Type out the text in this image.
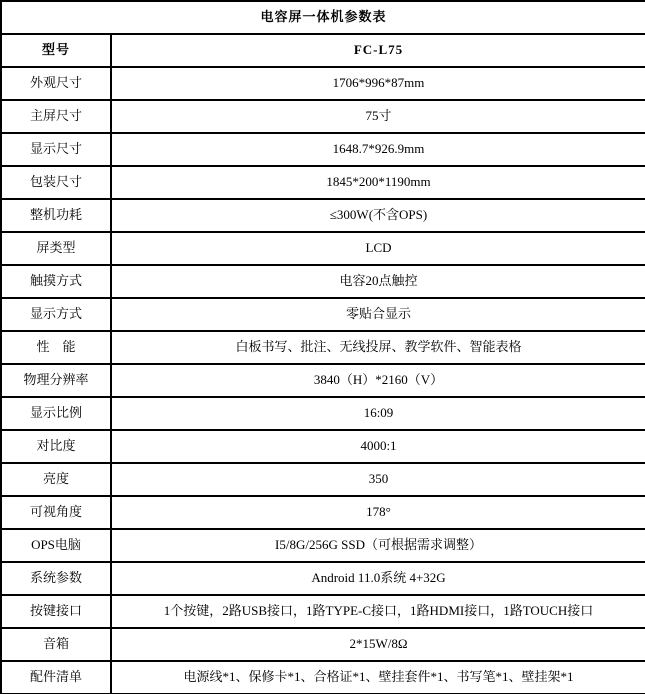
电容屏一体机参数表	
型号	FC-L75
外观尺寸	1706*996*87mm
主屏尺寸	75寸
显示尺寸	1648.7*926.9mm
包装尺寸	1845*200*1190mm
整机功耗	≤300W(不含OPS)
屏类型	LCD
触摸方式	电容20点触控
显示方式	零贴合显示
性　能	白板书写、批注、无线投屏、教学软件、智能表格
物理分辨率	3840（H）*2160（V）
显示比例	16:09
对比度	4000:1
亮度	350
可视角度	178°
OPS电脑	I5/8G/256G SSD（可根据需求调整）
系统参数	Android 11.0系统 4+32G
按键接口	1个按键，2路USB接口，1路TYPE-C接口，1路HDMI接口，1路TOUCH接口
音箱	2*15W/8Ω
配件清单	电源线*1、保修卡*1、合格证*1、壁挂套件*1、书写笔*1、壁挂架*1
